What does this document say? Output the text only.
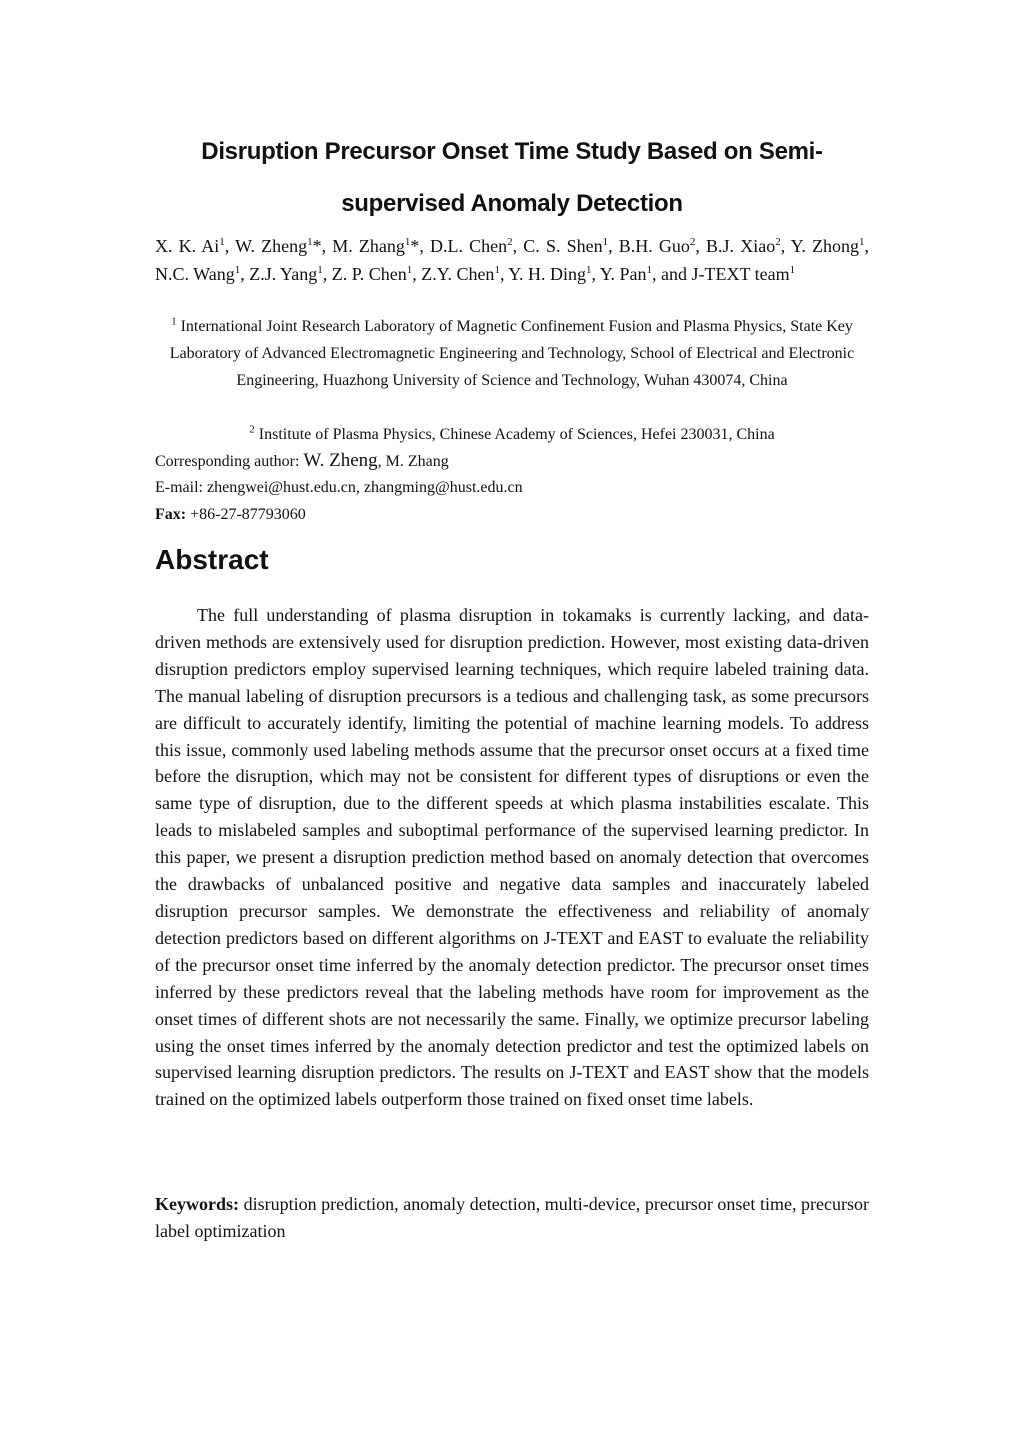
Disruption Precursor Onset Time Study Based on Semi-
supervised Anomaly Detection
X. K. Ai$^1$, W. Zheng$^1$*, M. Zhang$^1$*, D.L. Chen$^2$, C. S. Shen$^1$, B.H. Guo$^2$, B.J. Xiao$^2$, Y. Zhong$^1$, N.C. Wang$^1$, Z.J. Yang$^1$, Z. P. Chen$^1$, Z.Y. Chen$^1$, Y. H. Ding$^1$, Y. Pan$^1$, and J-TEXT team$^1$
$^1$ International Joint Research Laboratory of Magnetic Confinement Fusion and Plasma Physics, State Key Laboratory of Advanced Electromagnetic Engineering and Technology, School of Electrical and Electronic Engineering, Huazhong University of Science and Technology, Wuhan 430074, China
$^2$ Institute of Plasma Physics, Chinese Academy of Sciences, Hefei 230031, China
Corresponding author: W. Zheng, M. Zhang
E-mail: zhengwei@hust.edu.cn, zhangming@hust.edu.cn
Fax: +86-27-87793060
Abstract

The full understanding of plasma disruption in tokamaks is currently lacking, and data-driven methods are extensively used for disruption prediction. However, most existing data-driven disruption predictors employ supervised learning techniques, which require labeled training data. The manual labeling of disruption precursors is a tedious and challenging task, as some precursors are difficult to accurately identify, limiting the potential of machine learning models. To address this issue, commonly used labeling methods assume that the precursor onset occurs at a fixed time before the disruption, which may not be consistent for different types of disruptions or even the same type of disruption, due to the different speeds at which plasma instabilities escalate. This leads to mislabeled samples and suboptimal performance of the supervised learning predictor. In this paper, we present a disruption prediction method based on anomaly detection that overcomes the drawbacks of unbalanced positive and negative data samples and inaccurately labeled disruption precursor samples. We demonstrate the effectiveness and reliability of anomaly detection predictors based on different algorithms on J-TEXT and EAST to evaluate the reliability of the precursor onset time inferred by the anomaly detection predictor. The precursor onset times inferred by these predictors reveal that the labeling methods have room for improvement as the onset times of different shots are not necessarily the same. Finally, we optimize precursor labeling using the onset times inferred by the anomaly detection predictor and test the optimized labels on supervised learning disruption predictors. The results on J-TEXT and EAST show that the models trained on the optimized labels outperform those trained on fixed onset time labels.

Keywords: disruption prediction, anomaly detection, multi-device, precursor onset time, precursor label optimization
